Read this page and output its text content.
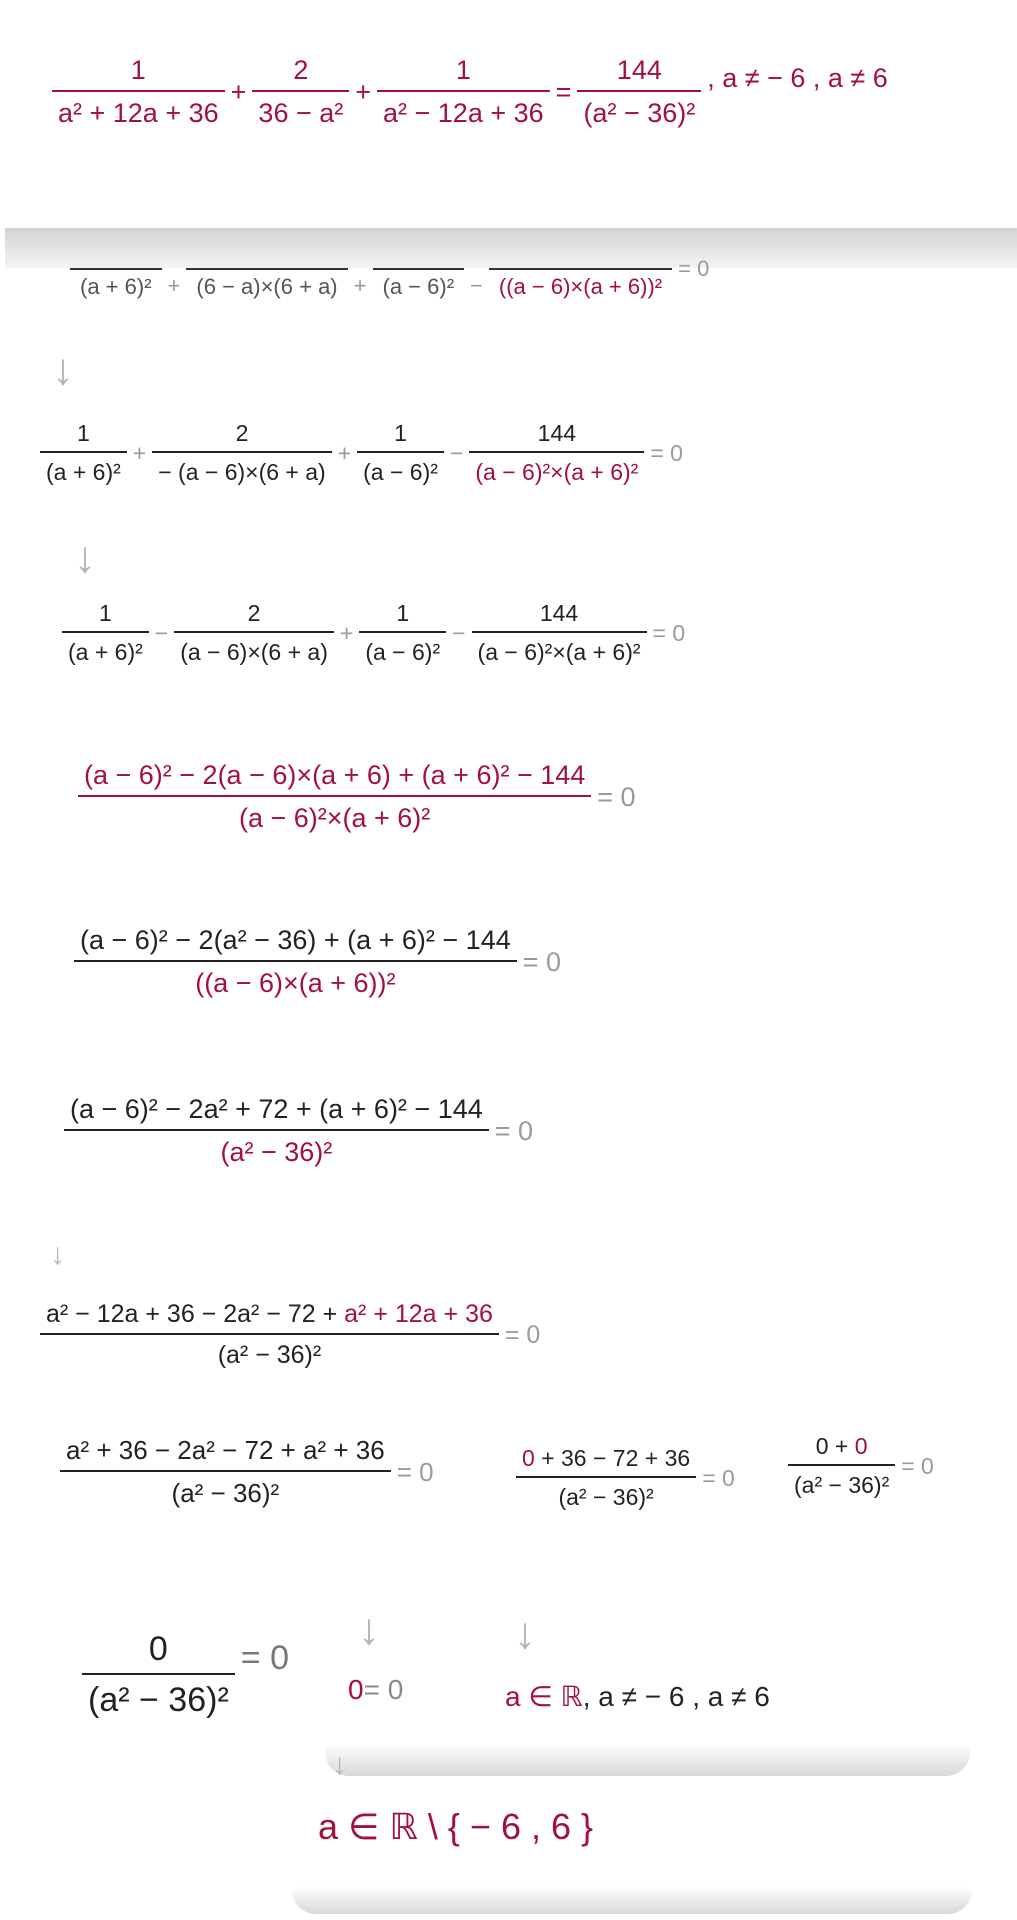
$\frac{1}{\text{a² + 12a + 36}} + \frac{2}{\text{36 − a²}} + \frac{1}{\text{a² − 12a + 36}} = \frac{144}{\text{(a² − 36)²}}$ , a ≠ − 6 , a ≠ 6
(a + 6)² + (6 − a)×(6 + a) + (a − 6)² − ((a − 6)×(a + 6))²
= 0
↓
$\frac{1}{\text{(a + 6)²}} + \frac{2}{- (a - 6)\times(6 + a)} + \frac{1}{\text{(a − 6)²}} - \frac{144}{\text{(a − 6)²×(a + 6)²}} = 0$
↓
$\frac{1}{\text{(a + 6)²}} - \frac{2}{(a - 6)\times(6 + a)} + \frac{1}{\text{(a − 6)²}} - \frac{144}{\text{(a − 6)²×(a + 6)²}} = 0$
$\frac{\text{(a − 6)² − 2(a − 6)×(a + 6) + (a + 6)² − 144}}{\text{(a − 6)²×(a + 6)²}} = 0$
$\frac{\text{(a − 6)² − 2(a² − 36) + (a + 6)² − 144}}{\text{((a − 6)×(a + 6))²}} = 0$
$\frac{\text{(a − 6)² − 2a² + 72 + (a + 6)² − 144}}{\text{(a² − 36)²}} = 0$
↓
$\frac{\text{a² − 12a + 36 − 2a² − 72 + a² + 12a + 36}}{\text{(a² − 36)²}} = 0$
$\frac{\text{a² + 36 − 2a² − 72 + a² + 36}}{\text{(a² − 36)²}} = 0$	$\frac{0 + 36 - 72 + 36}{\text{(a² − 36)²}} = 0 \frac{0 + 0}{\text{(a² − 36)²}} = 0$
↓	↓
$\frac{0}{\text{(a² − 36)²}} = 0$
0 = 0	a ∈ ℝ , a ≠ − 6 , a ≠ 6
↓
a ∈ ℝ \ { − 6 , 6 }
